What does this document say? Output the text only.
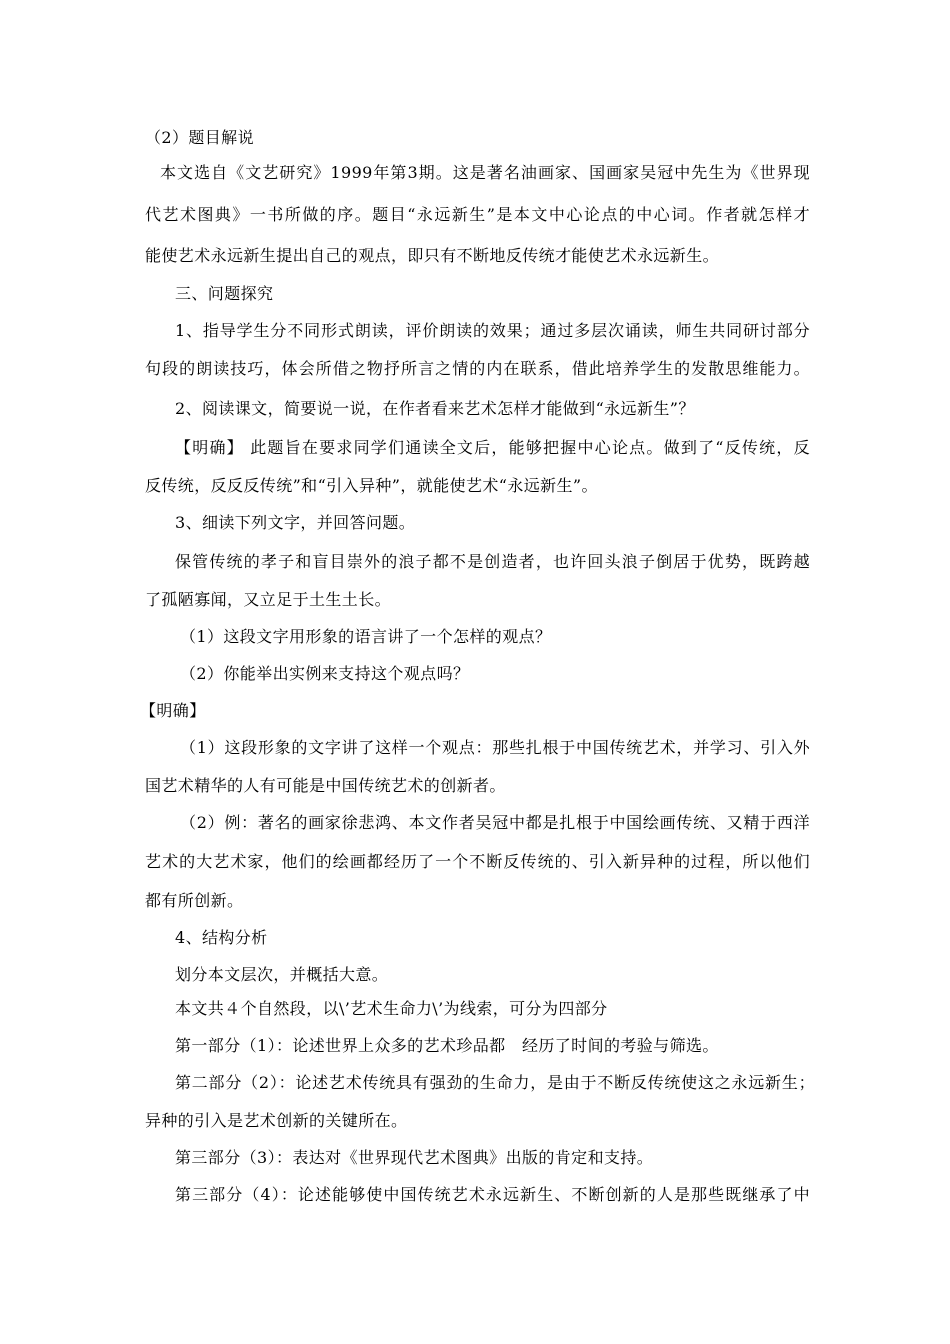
（2）题目解说

本文选自《文艺研究》1999年第3期。这是著名油画家、国画家吴冠中先生为《世界现

代艺术图典》一书所做的序。题目“永远新生”是本文中心论点的中心词。作者就怎样才

能使艺术永远新生提出自己的观点，即只有不断地反传统才能使艺术永远新生。

三、问题探究

1、指导学生分不同形式朗读，评价朗读的效果；通过多层次诵读，师生共同研讨部分

句段的朗读技巧，体会所借之物抒所言之情的内在联系，借此培养学生的发散思维能力。

2、阅读课文，简要说一说，在作者看来艺术怎样才能做到“永远新生”？

【明确】 此题旨在要求同学们通读全文后，能够把握中心论点。做到了“反传统，反

反传统，反反反传统”和“引入异种”，就能使艺术“永远新生”。

3、细读下列文字，并回答问题。

保管传统的孝子和盲目崇外的浪子都不是创造者，也许回头浪子倒居于优势，既跨越

了孤陋寡闻，又立足于土生土长。

（1）这段文字用形象的语言讲了一个怎样的观点？

（2）你能举出实例来支持这个观点吗？

【明确】

（1）这段形象的文字讲了这样一个观点：那些扎根于中国传统艺术，并学习、引入外

国艺术精华的人有可能是中国传统艺术的创新者。

（2）例：著名的画家徐悲鸿、本文作者吴冠中都是扎根于中国绘画传统、又精于西洋

艺术的大艺术家，他们的绘画都经历了一个不断反传统的、引入新异种的过程，所以他们

都有所创新。

4、结构分析

划分本文层次，并概括大意。

本文共４个自然段，以\’艺术生命力\’为线索，可分为四部分

第一部分（1）：论述世界上众多的艺术珍品都　经历了时间的考验与筛选。

第二部分（2）：论述艺术传统具有强劲的生命力，是由于不断反传统使这之永远新生；

异种的引入是艺术创新的关键所在。

第三部分（3）：表达对《世界现代艺术图典》出版的肯定和支持。

第三部分（4）：论述能够使中国传统艺术永远新生、不断创新的人是那些既继承了中
